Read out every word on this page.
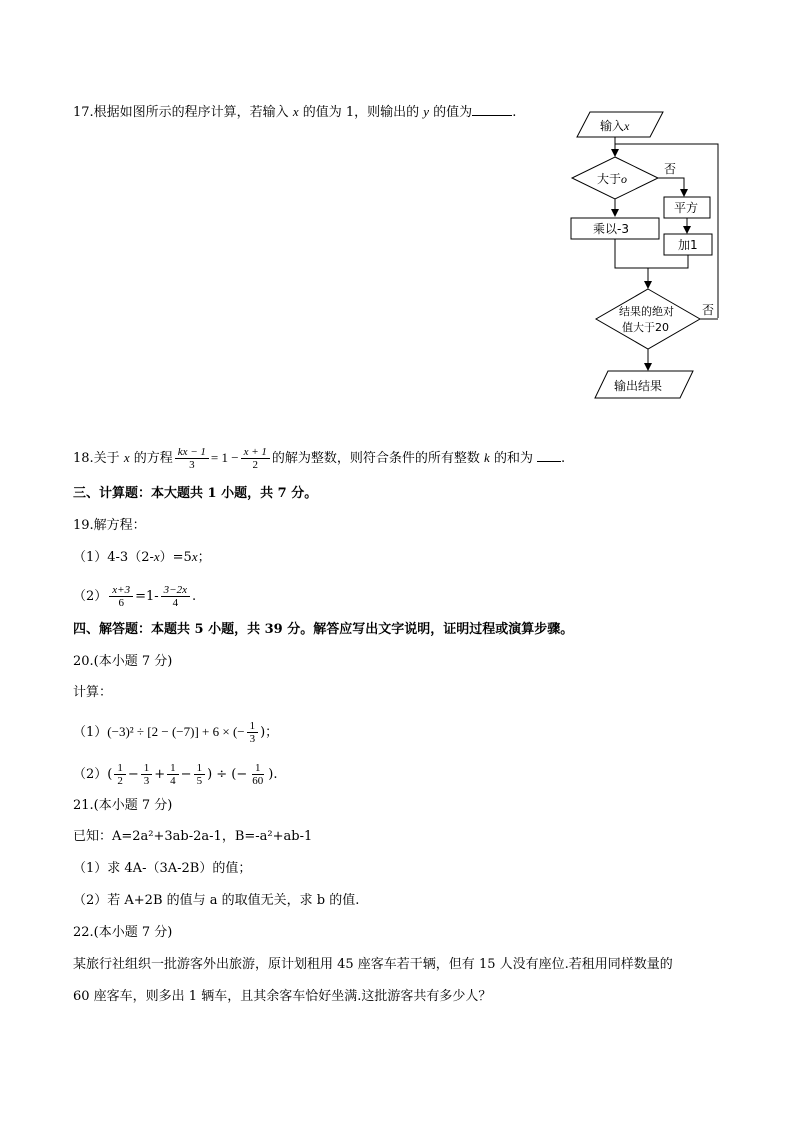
17.根据如图所示的程序计算，若输入 x 的值为 1，则输出的 y 的值为	.
输入x
大于o
否
平方
加1
乘以-3
结果的绝对
值大于20
否
输出结果
18.关于 x 的方程 $\frac{kx - 1}{3} = 1 - \frac{x + 1}{2}$ 的解为整数，则符合条件的所有整数 k 的和为 .
三、计算题：本大题共 1 小题，共 7 分。
19.解方程：
（1）4-3（2-x）=5x；
$(2) \frac{x+3}{6} =1- \frac{3-2x}{4}$ .
四、解答题：本题共 5 小题，共 39 分。解答应写出文字说明，证明过程或演算步骤。
20.(本小题 7 分)
计算：
（1）(−3)² ÷ [2 − (−7)] + 6 × (− $\frac{1}{3}$ )；
$(2)( \frac{1}{2} - \frac{1}{3} + \frac{1}{4} - \frac{1}{5}$ ) ÷ (− $\frac{1}{60}$ ).
21.(本小题 7 分)
已知：A=2a²+3ab-2a-1，B=-a²+ab-1
（1）求 4A-（3A-2B）的值；
（2）若 A+2B 的值与 a 的取值无关，求 b 的值.
22.(本小题 7 分)
某旅行社组织一批游客外出旅游，原计划租用 45 座客车若干辆，但有 15 人没有座位.若租用同样数量的
60 座客车，则多出 1 辆车，且其余客车恰好坐满.这批游客共有多少人？
